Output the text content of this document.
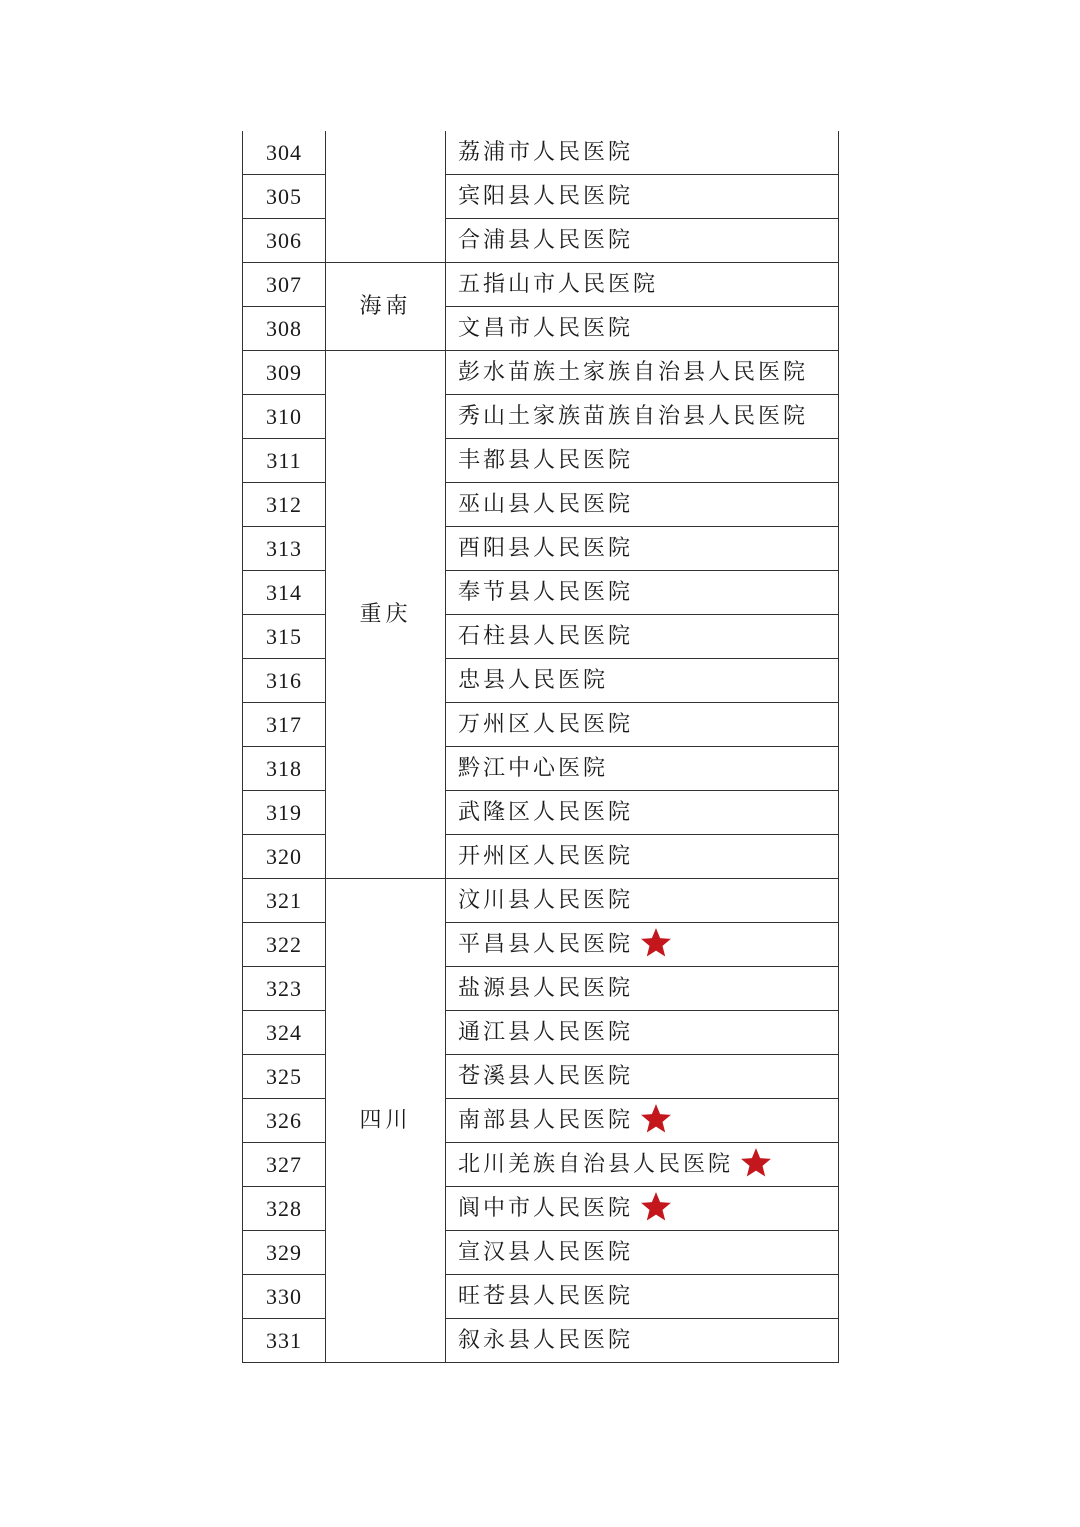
304		荔浦市人民医院
305		宾阳县人民医院
306		合浦县人民医院
307	海南	五指山市人民医院
308		文昌市人民医院
309	重庆	彭水苗族土家族自治县人民医院
310		秀山土家族苗族自治县人民医院
311		丰都县人民医院
312		巫山县人民医院
313		酉阳县人民医院
314		奉节县人民医院
315		石柱县人民医院
316		忠县人民医院
317		万州区人民医院
318		黔江中心医院
319		武隆区人民医院
320		开州区人民医院
321	四川	汶川县人民医院
322		平昌县人民医院
323		盐源县人民医院
324		通江县人民医院
325		苍溪县人民医院
326		南部县人民医院
327		北川羌族自治县人民医院
328		阆中市人民医院
329		宣汉县人民医院
330		旺苍县人民医院
331		叙永县人民医院
